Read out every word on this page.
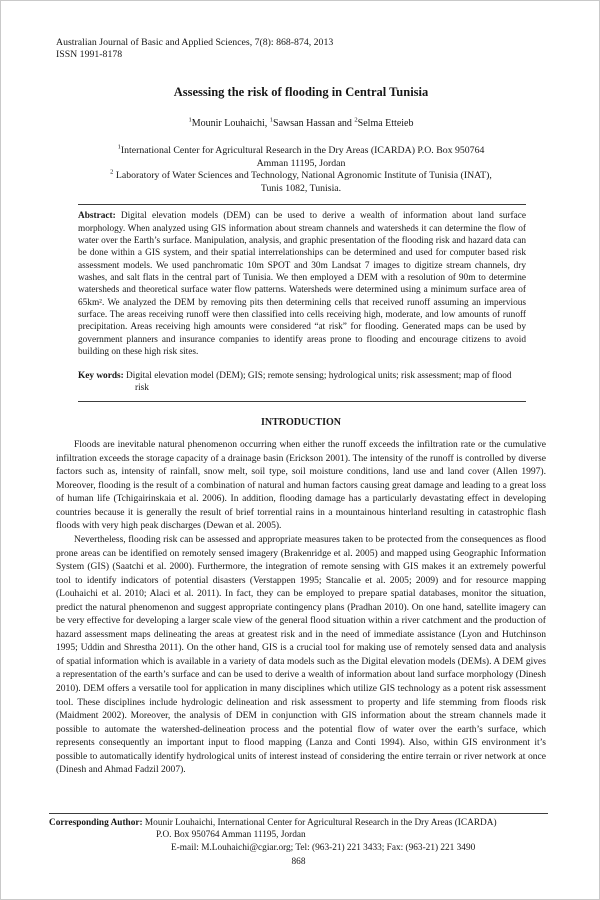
Australian Journal of Basic and Applied Sciences, 7(8): 868-874, 2013
ISSN 1991-8178
Assessing the risk of flooding in Central Tunisia
$^1$Mounir Louhaichi, $^1$Sawsan Hassan and $^2$Selma Etteieb
$^1$International Center for Agricultural Research in the Dry Areas (ICARDA) P.O. Box 950764
Amman 11195, Jordan
$^2$ Laboratory of Water Sciences and Technology, National Agronomic Institute of Tunisia (INAT),
Tunis 1082, Tunisia.

Abstract: Digital elevation models (DEM) can be used to derive a wealth of information about land surface morphology. When analyzed using GIS information about stream channels and watersheds it can determine the flow of water over the Earth’s surface. Manipulation, analysis, and graphic presentation of the flooding risk and hazard data can be done within a GIS system, and their spatial interrelationships can be determined and used for computer based risk assessment models. We used panchromatic 10m SPOT and 30m Landsat 7 images to digitize stream channels, dry washes, and salt flats in the central part of Tunisia. We then employed a DEM with a resolution of 90m to determine watersheds and theoretical surface water flow patterns. Watersheds were determined using a minimum surface area of 65km². We analyzed the DEM by removing pits then determining cells that received runoff assuming an impervious surface. The areas receiving runoff were then classified into cells receiving high, moderate, and low amounts of runoff precipitation. Areas receiving high amounts were considered “at risk” for flooding. Generated maps can be used by government planners and insurance companies to identify areas prone to flooding and encourage citizens to avoid building on these high risk sites.

Key words: Digital elevation model (DEM); GIS; remote sensing; hydrological units; risk assessment; map of flood risk

INTRODUCTION

Floods are inevitable natural phenomenon occurring when either the runoff exceeds the infiltration rate or the cumulative infiltration exceeds the storage capacity of a drainage basin (Erickson 2001). The intensity of the runoff is controlled by diverse factors such as, intensity of rainfall, snow melt, soil type, soil moisture conditions, land use and land cover (Allen 1997). Moreover, flooding is the result of a combination of natural and human factors causing great damage and leading to a great loss of human life (Tchigairinskaia et al. 2006). In addition, flooding damage has a particularly devastating effect in developing countries because it is generally the result of brief torrential rains in a mountainous hinterland resulting in catastrophic flash floods with very high peak discharges (Dewan et al. 2005).

Nevertheless, flooding risk can be assessed and appropriate measures taken to be protected from the consequences as flood prone areas can be identified on remotely sensed imagery (Brakenridge et al. 2005) and mapped using Geographic Information System (GIS) (Saatchi et al. 2000). Furthermore, the integration of remote sensing with GIS makes it an extremely powerful tool to identify indicators of potential disasters (Verstappen 1995; Stancalie et al. 2005; 2009) and for resource mapping (Louhaichi et al. 2010; Alaci et al. 2011). In fact, they can be employed to prepare spatial databases, monitor the situation, predict the natural phenomenon and suggest appropriate contingency plans (Pradhan 2010). On one hand, satellite imagery can be very effective for developing a larger scale view of the general flood situation within a river catchment and the production of hazard assessment maps delineating the areas at greatest risk and in the need of immediate assistance (Lyon and Hutchinson 1995; Uddin and Shrestha 2011). On the other hand, GIS is a crucial tool for making use of remotely sensed data and analysis of spatial information which is available in a variety of data models such as the Digital elevation models (DEMs). A DEM gives a representation of the earth’s surface and can be used to derive a wealth of information about land surface morphology (Dinesh 2010). DEM offers a versatile tool for application in many disciplines which utilize GIS technology as a potent risk assessment tool. These disciplines include hydrologic delineation and risk assessment to property and life stemming from floods risk (Maidment 2002). Moreover, the analysis of DEM in conjunction with GIS information about the stream channels made it possible to automate the watershed-delineation process and the potential flow of water over the earth’s surface, which represents consequently an important input to flood mapping (Lanza and Conti 1994). Also, within GIS environment it’s possible to automatically identify hydrological units of interest instead of considering the entire terrain or river network at once (Dinesh and Ahmad Fadzil 2007).

Corresponding Author: Mounir Louhaichi, International Center for Agricultural Research in the Dry Areas (ICARDA)
P.O. Box 950764 Amman 11195, Jordan
E-mail: M.Louhaichi@cgiar.org; Tel: (963-21) 221 3433; Fax: (963-21) 221 3490
868
